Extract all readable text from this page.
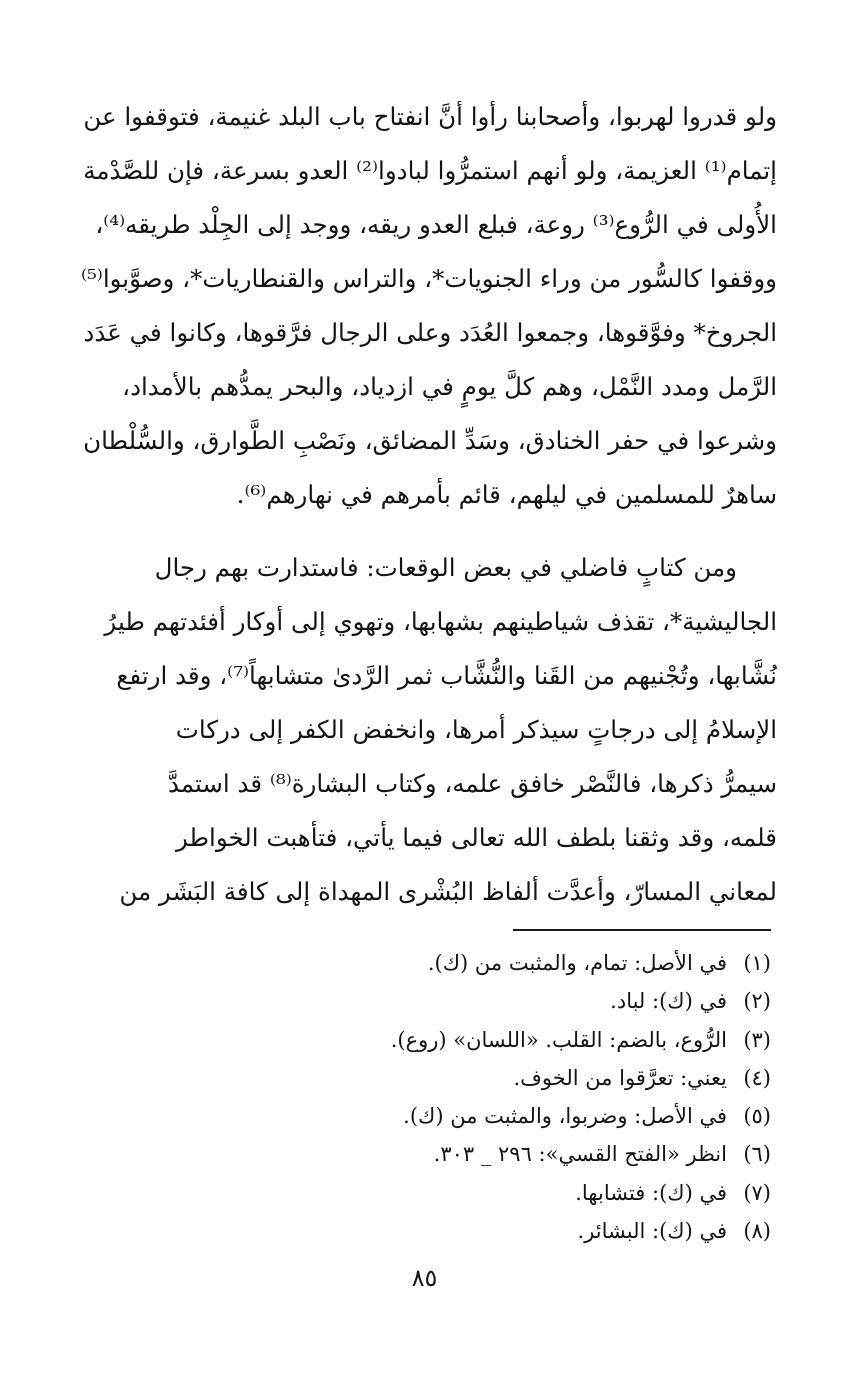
ولو قدروا لهربوا، وأصحابنا رأوا أنَّ انفتاح باب البلد غنيمة، فتوقفوا عن
إتمام⁽¹⁾ العزيمة، ولو أنهم استمرُّوا لبادوا⁽²⁾ العدو بسرعة، فإن للصَّدْمة
الأُولى في الرُّوع⁽³⁾ روعة، فبلع العدو ريقه، ووجد إلى الجِلْد طريقه⁽⁴⁾،
ووقفوا كالسُّور من وراء الجنويات*، والتراس والقنطاريات*، وصوَّبوا⁽⁵⁾
الجروخ* وفوَّقوها، وجمعوا العُدَد وعلى الرجال فرَّقوها، وكانوا في عَدَد
الرَّمل ومدد النَّمْل، وهم كلَّ يومٍ في ازدياد، والبحر يمدُّهم بالأمداد،
وشرعوا في حفر الخنادق، وسَدِّ المضائق، ونَصْبِ الطَّوارق، والسُّلْطان
ساهرٌ للمسلمين في ليلهم، قائم بأمرهم في نهارهم⁽⁶⁾.
ومن كتابٍ فاضلي في بعض الوقعات: فاستدارت بهم رجال
الجاليشية*، تقذف شياطينهم بشهابها، وتهوي إلى أوكار أفئدتهم طيرُ
نُشَّابها، وتُجْنيهم من القَنا والنُّشَّاب ثمر الرَّدىٰ متشابهاً⁽⁷⁾، وقد ارتفع
الإسلامُ إلى درجاتٍ سيذكر أمرها، وانخفض الكفر إلى دركات
سيمرُّ ذكرها، فالنَّصْر خافق علمه، وكتاب البشارة⁽⁸⁾ قد استمدَّ
قلمه، وقد وثقنا بلطف الله تعالى فيما يأتي، فتأهبت الخواطر
لمعاني المسارّ، وأعدَّت ألفاظ البُشْرى المهداة إلى كافة البَشَر من
(١)في الأصل: تمام، والمثبت من (ك).
(٢)في (ك): لباد.
(٣)الرُّوع، بالضم: القلب. «اللسان» (روع).
(٤)يعني: تعرَّقوا من الخوف.
(٥)في الأصل: وضربوا، والمثبت من (ك).
(٦)انظر «الفتح القسي»: ٢٩٦ _ ٣٠٣.
(٧)في (ك): فتشابها.
(٨)في (ك): البشائر.
٨٥
